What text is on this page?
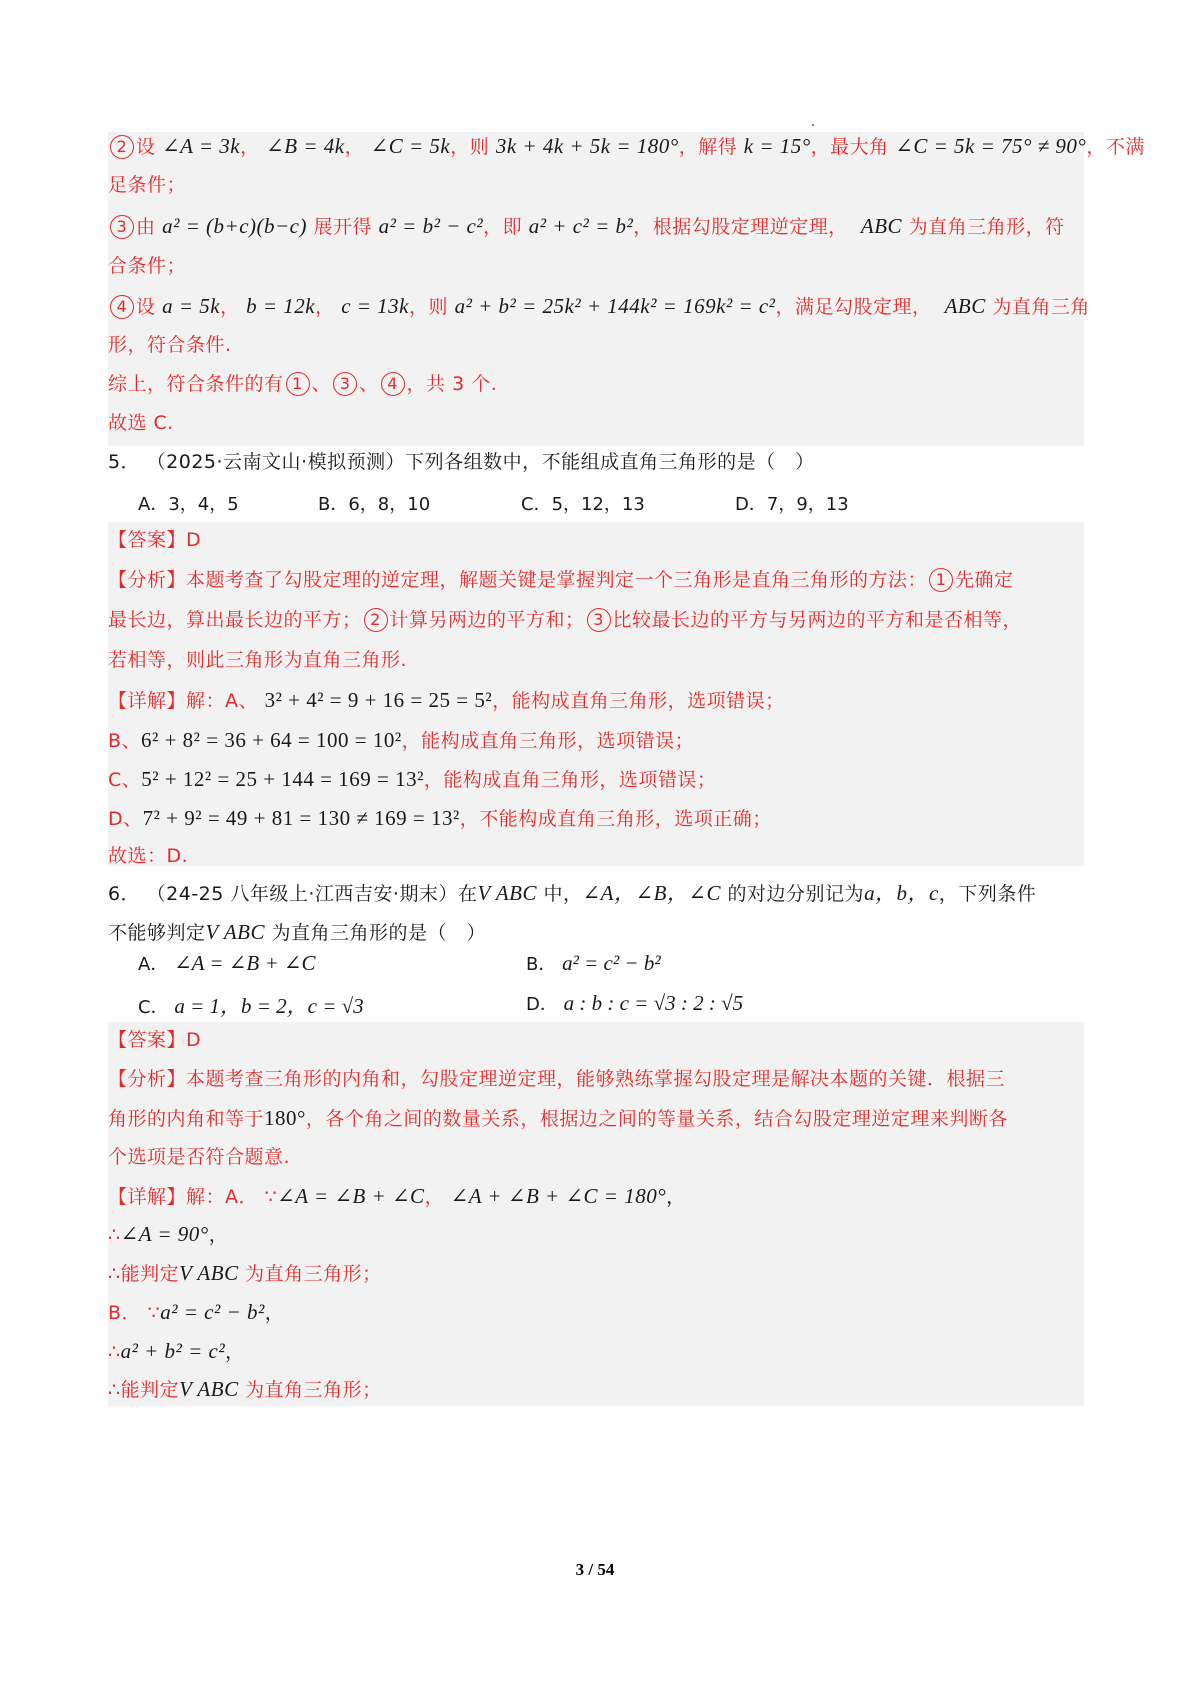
2 设 ∠A = 3k， ∠B = 4k， ∠C = 5k，则 3k + 4k + 5k = 180°，解得 k = 15°，最大角 ∠C = 5k = 75° ≠ 90°，不满
足条件；
3 由 a² = (b+c)(b−c) 展开得 a² = b² − c²，即 a² + c² = b²，根据勾股定理逆定理， ABC 为直角三角形，符
合条件；
4 设 a = 5k， b = 12k， c = 13k，则 a² + b² = 25k² + 144k² = 169k² = c²，满足勾股定理， ABC 为直角三角
形，符合条件.
综上，符合条件的有 1 、 3 、 4 ，共 3 个.
故选 C.
5． （2025·云南文山·模拟预测）下列各组数中，不能组成直角三角形的是（　）
A．3，4，5	B．6，8，10	C．5，12，13	D．7，9，13
【答案】D
【分析】本题考查了勾股定理的逆定理，解题关键是掌握判定一个三角形是直角三角形的方法： 1 先确定
最长边，算出最长边的平方； 2 计算另两边的平方和； 3 比较最长边的平方与另两边的平方和是否相等，
若相等，则此三角形为直角三角形.
【详解】解：A、 3² + 4² = 9 + 16 = 25 = 5²，能构成直角三角形，选项错误；
B、6² + 8² = 36 + 64 = 100 = 10²，能构成直角三角形，选项错误；
C、5² + 12² = 25 + 144 = 169 = 13²，能构成直角三角形，选项错误；
D、7² + 9² = 49 + 81 = 130 ≠ 169 = 13²，不能构成直角三角形，选项正确；
故选：D.
6． （24-25 八年级上·江西吉安·期末）在V ABC 中，∠A，∠B，∠C 的对边分别记为a，b，c，下列条件
不能够判定V ABC 为直角三角形的是（　）
A． ∠A = ∠B + ∠C	B． a² = c² − b²
C． a = 1，b = 2，c = √3	D． a : b : c = √3 : 2 : √5
【答案】D
【分析】本题考查三角形的内角和，勾股定理逆定理，能够熟练掌握勾股定理是解决本题的关键．根据三
角形的内角和等于180°，各个角之间的数量关系，根据边之间的等量关系，结合勾股定理逆定理来判断各
个选项是否符合题意.
【详解】解：A． ∵∠A = ∠B + ∠C， ∠A + ∠B + ∠C = 180°，
∴∠A = 90°，
∴能判定V ABC 为直角三角形；
B． ∵a² = c² − b²，
∴a² + b² = c²，
∴能判定V ABC 为直角三角形；
3 / 54
